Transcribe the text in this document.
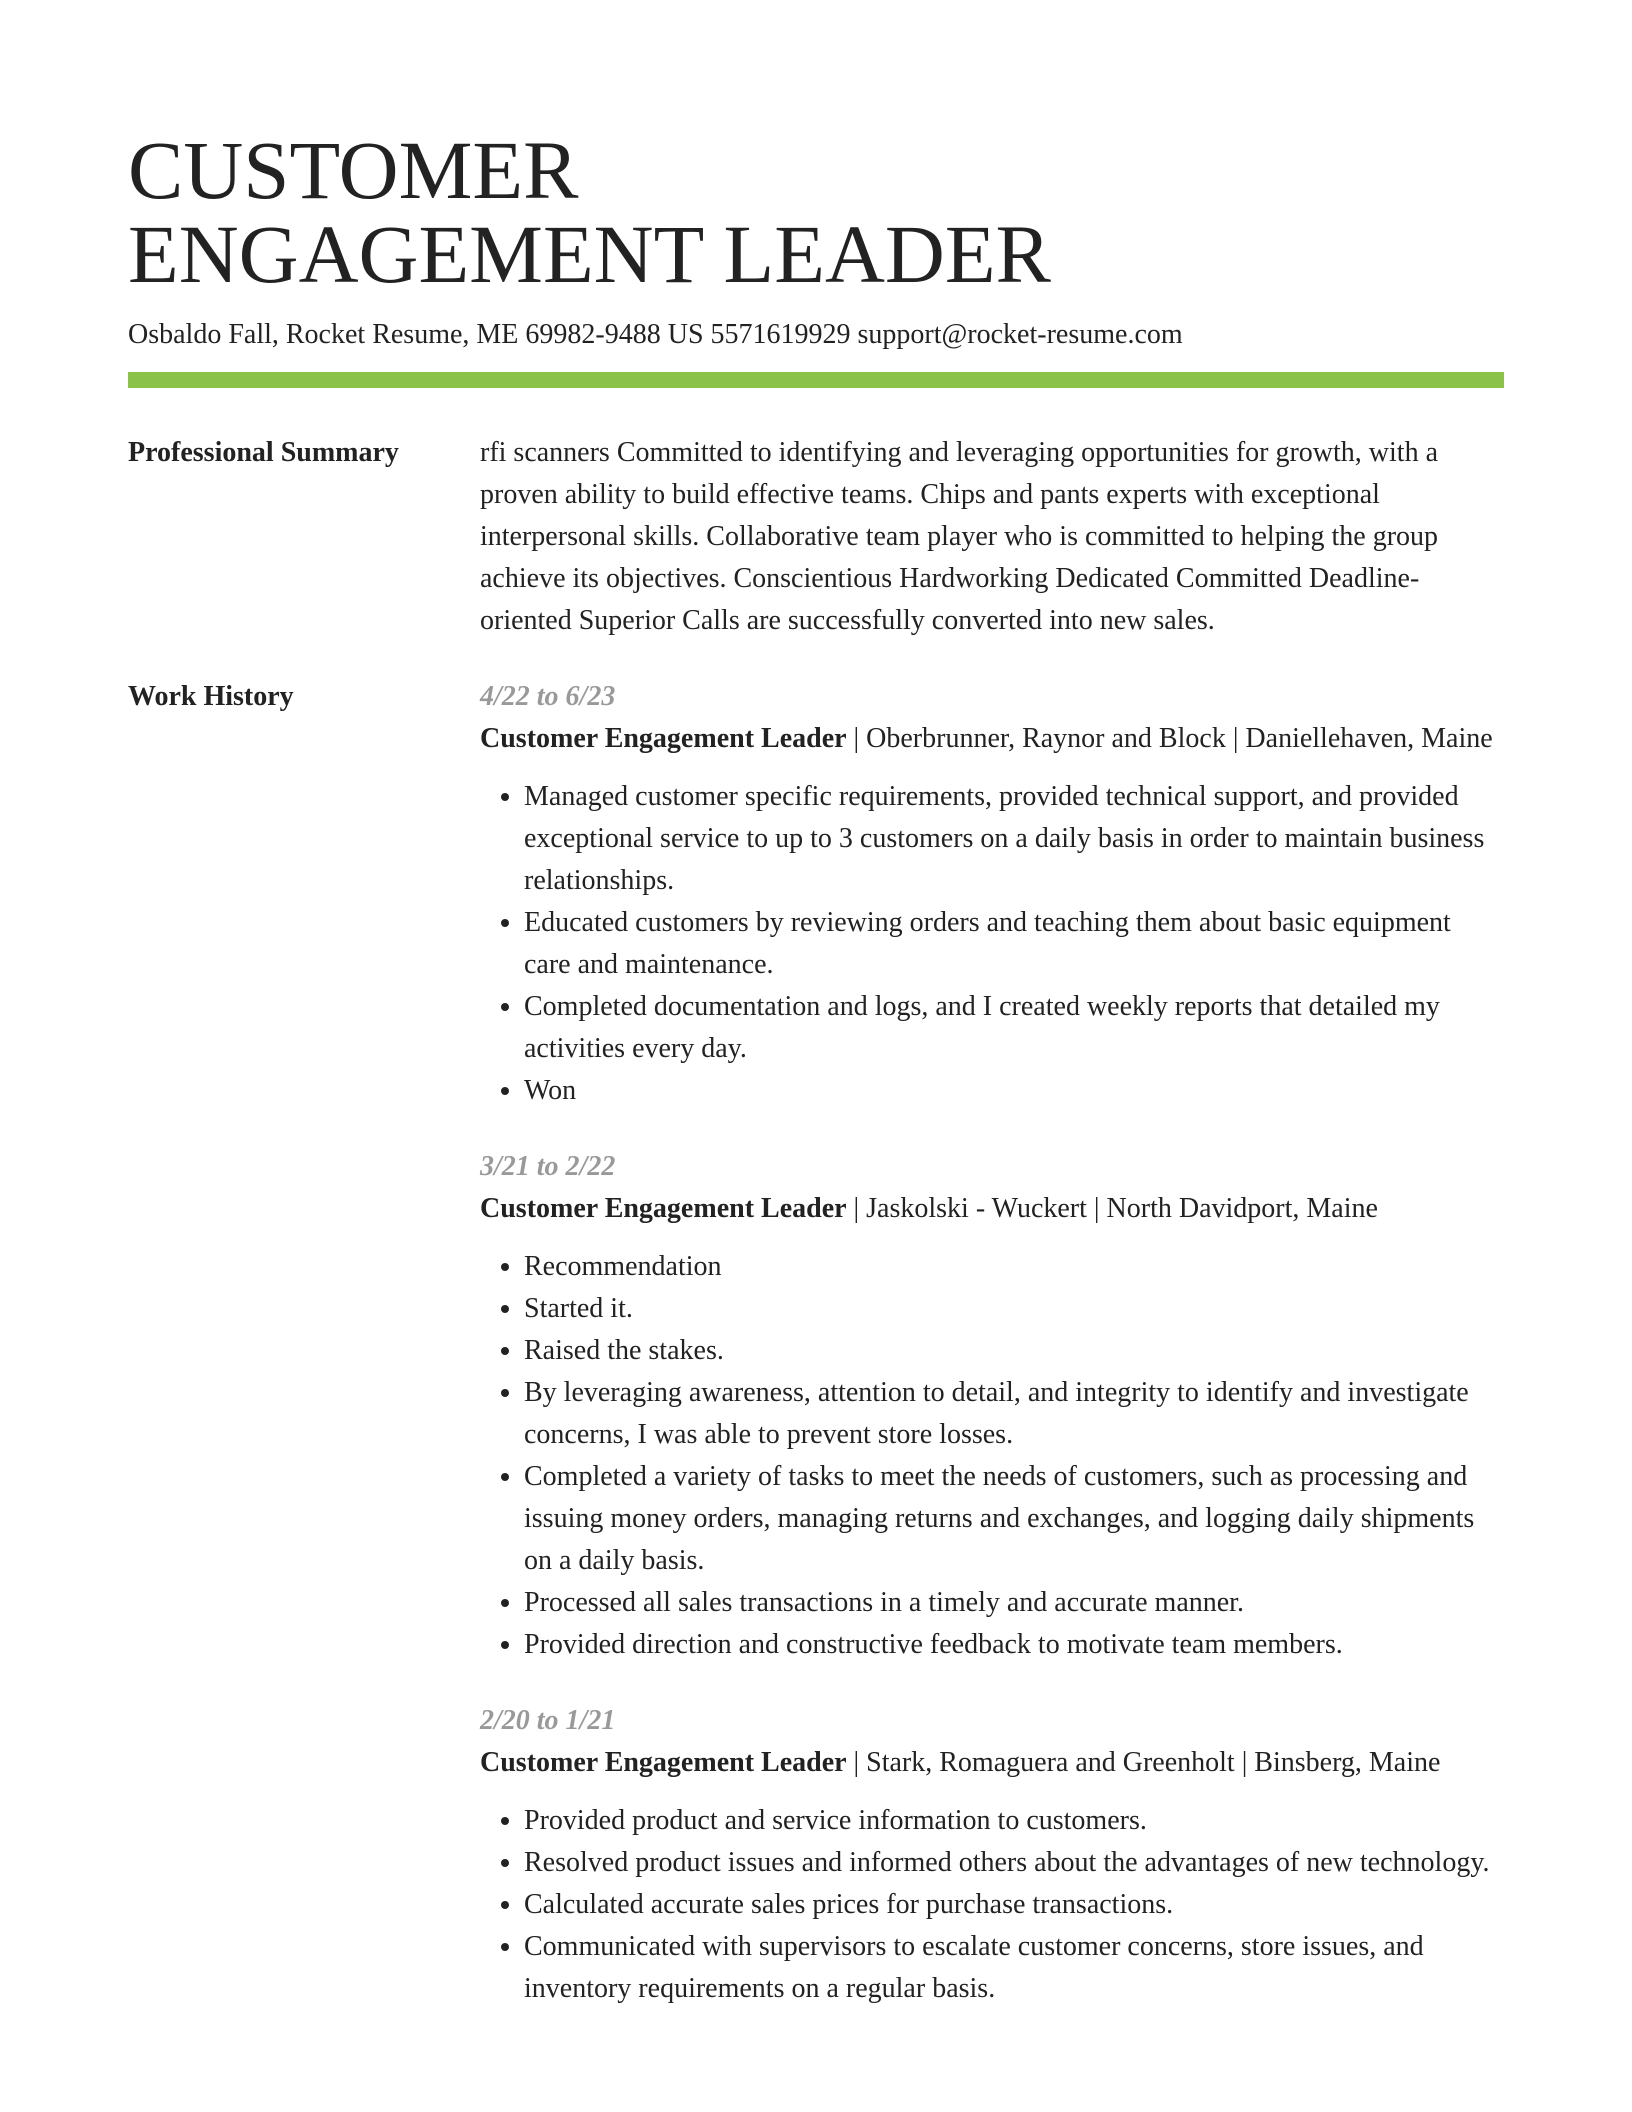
CUSTOMER
ENGAGEMENT LEADER
Osbaldo Fall, Rocket Resume, ME 69982-9488 US 5571619929 support@rocket-resume.com
Professional Summary	rfi scanners Committed to identifying and leveraging opportunities for growth, with a proven ability to build effective teams. Chips and pants experts with exceptional interpersonal skills. Collaborative team player who is committed to helping the group achieve its objectives. Conscientious Hardworking Dedicated Committed Deadline-oriented Superior Calls are successfully converted into new sales.

Work History	4/22 to 6/23
Customer Engagement Leader | Oberbrunner, Raynor and Block | Daniellehaven, Maine
• Managed customer specific requirements, provided technical support, and provided exceptional service to up to 3 customers on a daily basis in order to maintain business relationships.
• Educated customers by reviewing orders and teaching them about basic equipment care and maintenance.
• Completed documentation and logs, and I created weekly reports that detailed my activities every day.
• Won
3/21 to 2/22
Customer Engagement Leader | Jaskolski - Wuckert | North Davidport, Maine
• Recommendation
• Started it.
• Raised the stakes.
• By leveraging awareness, attention to detail, and integrity to identify and investigate concerns, I was able to prevent store losses.
• Completed a variety of tasks to meet the needs of customers, such as processing and issuing money orders, managing returns and exchanges, and logging daily shipments on a daily basis.
• Processed all sales transactions in a timely and accurate manner.
• Provided direction and constructive feedback to motivate team members.
2/20 to 1/21
Customer Engagement Leader | Stark, Romaguera and Greenholt | Binsberg, Maine
• Provided product and service information to customers.
• Resolved product issues and informed others about the advantages of new technology.
• Calculated accurate sales prices for purchase transactions.
• Communicated with supervisors to escalate customer concerns, store issues, and inventory requirements on a regular basis.
